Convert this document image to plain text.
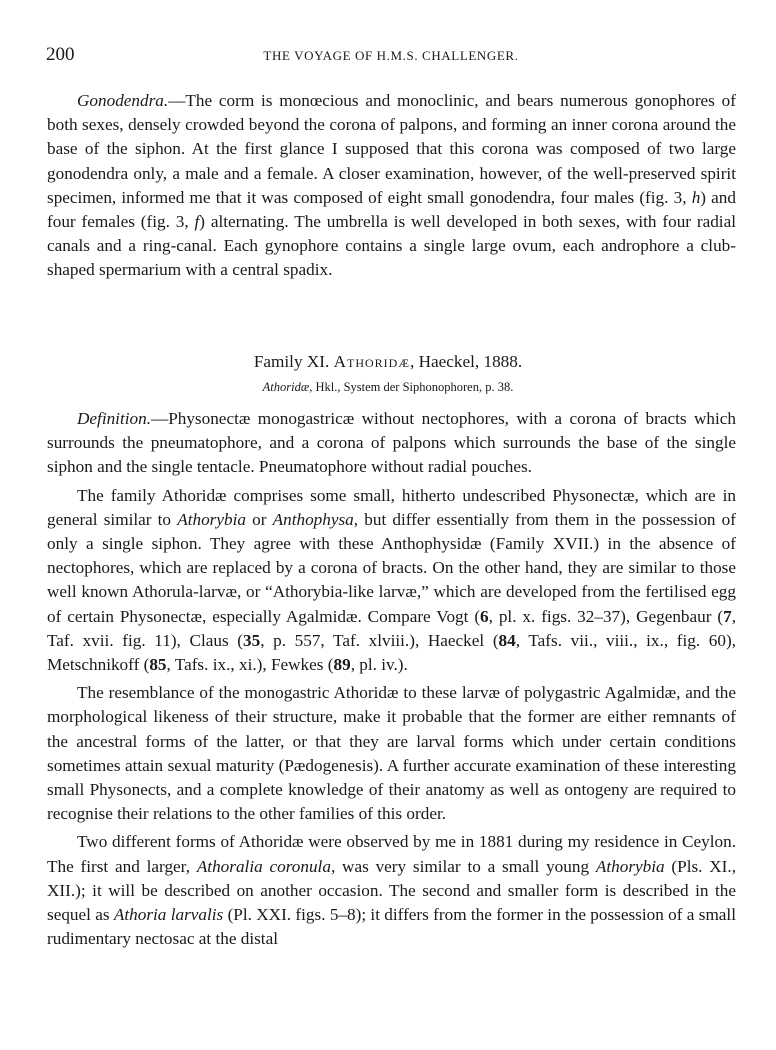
200	THE VOYAGE OF H.M.S. CHALLENGER.

Gonodendra.—The corm is monœcious and monoclinic, and bears numerous gonophores of both sexes, densely crowded beyond the corona of palpons, and forming an inner corona around the base of the siphon. At the first glance I supposed that this corona was composed of two large gonodendra only, a male and a female. A closer examination, however, of the well-preserved spirit specimen, informed me that it was composed of eight small gonodendra, four males (fig. 3, h) and four females (fig. 3, f) alternating. The umbrella is well developed in both sexes, with four radial canals and a ring-canal. Each gynophore contains a single large ovum, each androphore a club-shaped spermarium with a central spadix.

Family XI. Athoridæ, Haeckel, 1888.
Athoridæ, Hkl., System der Siphonophoren, p. 38.

Definition.—Physonectæ monogastricæ without nectophores, with a corona of bracts which surrounds the pneumatophore, and a corona of palpons which surrounds the base of the single siphon and the single tentacle. Pneumatophore without radial pouches.

The family Athoridæ comprises some small, hitherto undescribed Physonectæ, which are in general similar to Athorybia or Anthophysa, but differ essentially from them in the possession of only a single siphon. They agree with these Anthophysidæ (Family XVII.) in the absence of nectophores, which are replaced by a corona of bracts. On the other hand, they are similar to those well known Athorula-larvæ, or “Athorybia-like larvæ,” which are developed from the fertilised egg of certain Physonectæ, especially Agalmidæ. Compare Vogt (6, pl. x. figs. 32–37), Gegenbaur (7, Taf. xvii. fig. 11), Claus (35, p. 557, Taf. xlviii.), Haeckel (84, Tafs. vii., viii., ix., fig. 60), Metschnikoff (85, Tafs. ix., xi.), Fewkes (89, pl. iv.).

The resemblance of the monogastric Athoridæ to these larvæ of polygastric Agalmidæ, and the morphological likeness of their structure, make it probable that the former are either remnants of the ancestral forms of the latter, or that they are larval forms which under certain conditions sometimes attain sexual maturity (Pædogenesis). A further accurate examination of these interesting small Physonects, and a complete knowledge of their anatomy as well as ontogeny are required to recognise their relations to the other families of this order.

Two different forms of Athoridæ were observed by me in 1881 during my residence in Ceylon. The first and larger, Athoralia coronula, was very similar to a small young Athorybia (Pls. XI., XII.); it will be described on another occasion. The second and smaller form is described in the sequel as Athoria larvalis (Pl. XXI. figs. 5–8); it differs from the former in the possession of a small rudimentary nectosac at the distal
